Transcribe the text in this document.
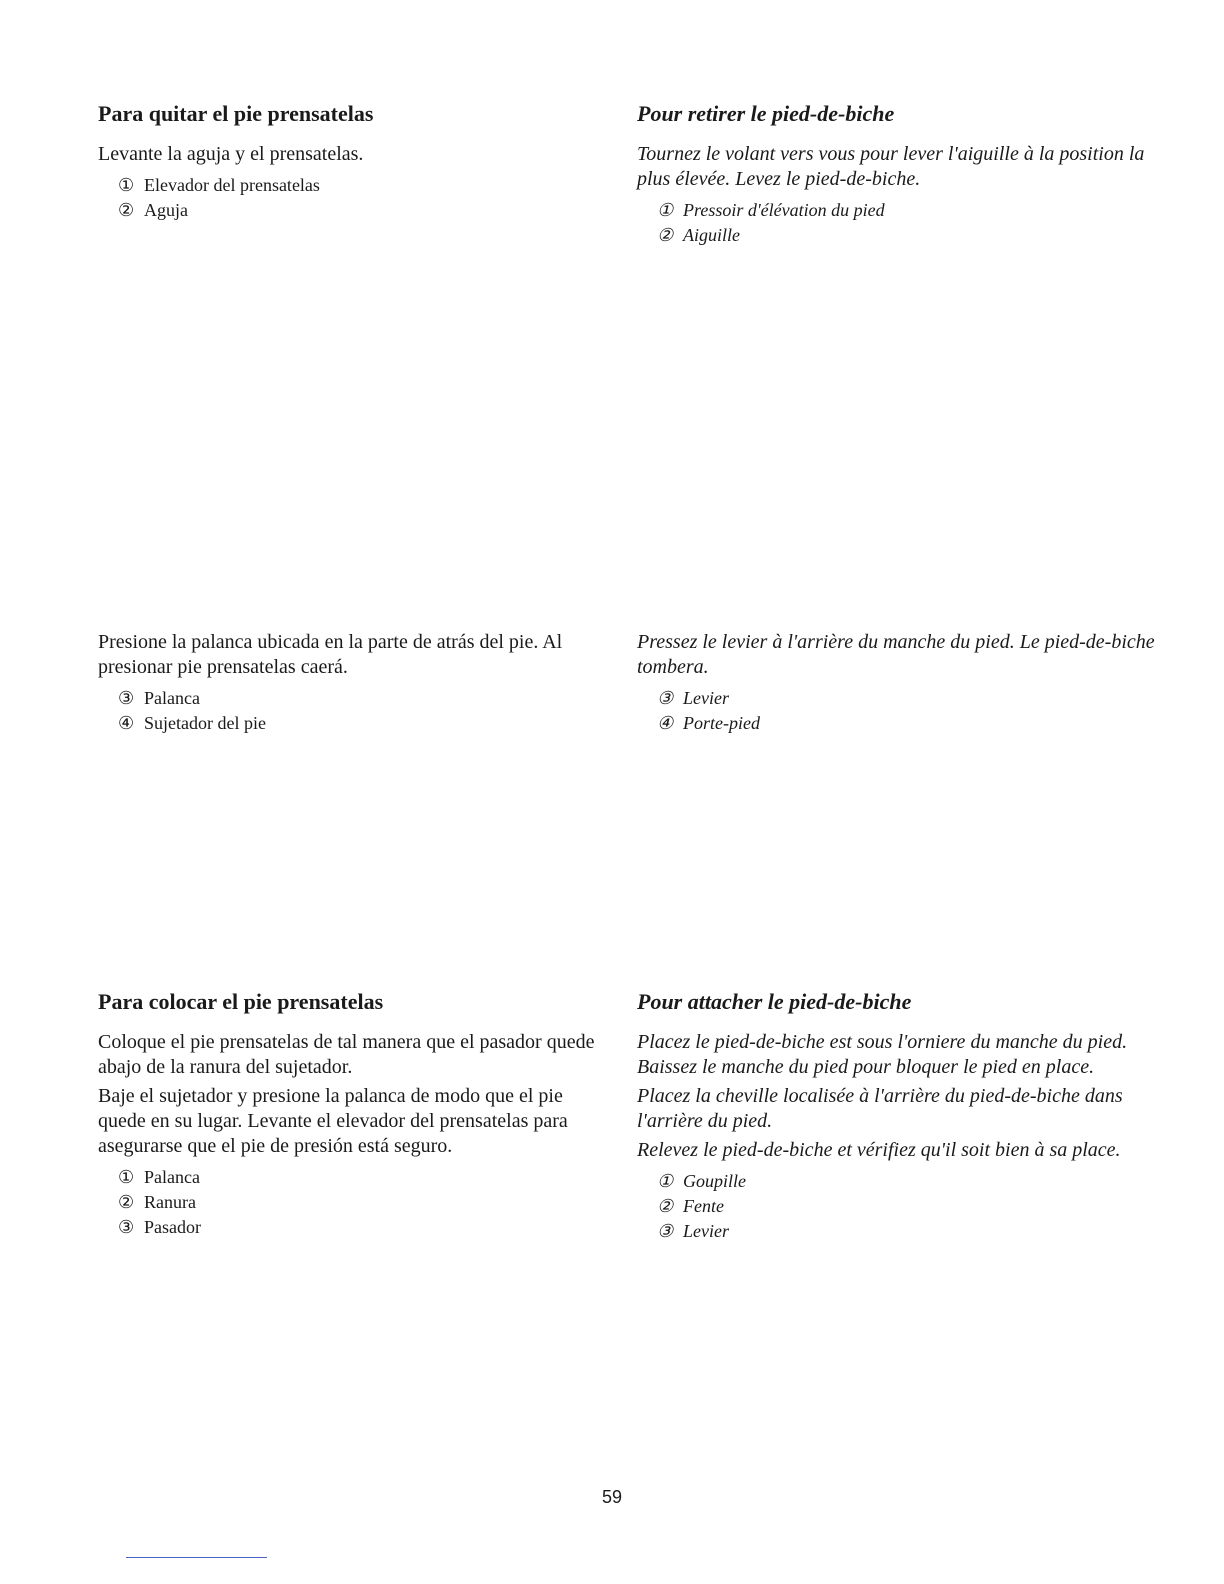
Para quitar el pie prensatelas

Levante la aguja y el prensatelas.

① Elevador del prensatelas
② Aguja
Pour retirer le pied-de-biche

Tournez le volant vers vous pour lever l'aiguille à la position la plus élevée. Levez le pied-de-biche.

① Pressoir d'élévation du pied
② Aiguille

Presione la palanca ubicada en la parte de atrás del pie. Al presionar pie prensatelas caerá.

③ Palanca
④ Sujetador del pie

Pressez le levier à l'arrière du manche du pied. Le pied-de-biche tombera.

③ Levier
④ Porte-pied
Para colocar el pie prensatelas

Coloque el pie prensatelas de tal manera que el pasador quede abajo de la ranura del sujetador.

Baje el sujetador y presione la palanca de modo que el pie quede en su lugar. Levante el elevador del prensatelas para asegurarse que el pie de presión está seguro.

① Palanca
② Ranura
③ Pasador
Pour attacher le pied-de-biche

Placez le pied-de-biche est sous l'orniere du manche du pied. Baissez le manche du pied pour bloquer le pied en place.

Placez la cheville localisée à l'arrière du pied-de-biche dans l'arrière du pied.

Relevez le pied-de-biche et vérifiez qu'il soit bien à sa place.

① Goupille
② Fente
③ Levier
59
